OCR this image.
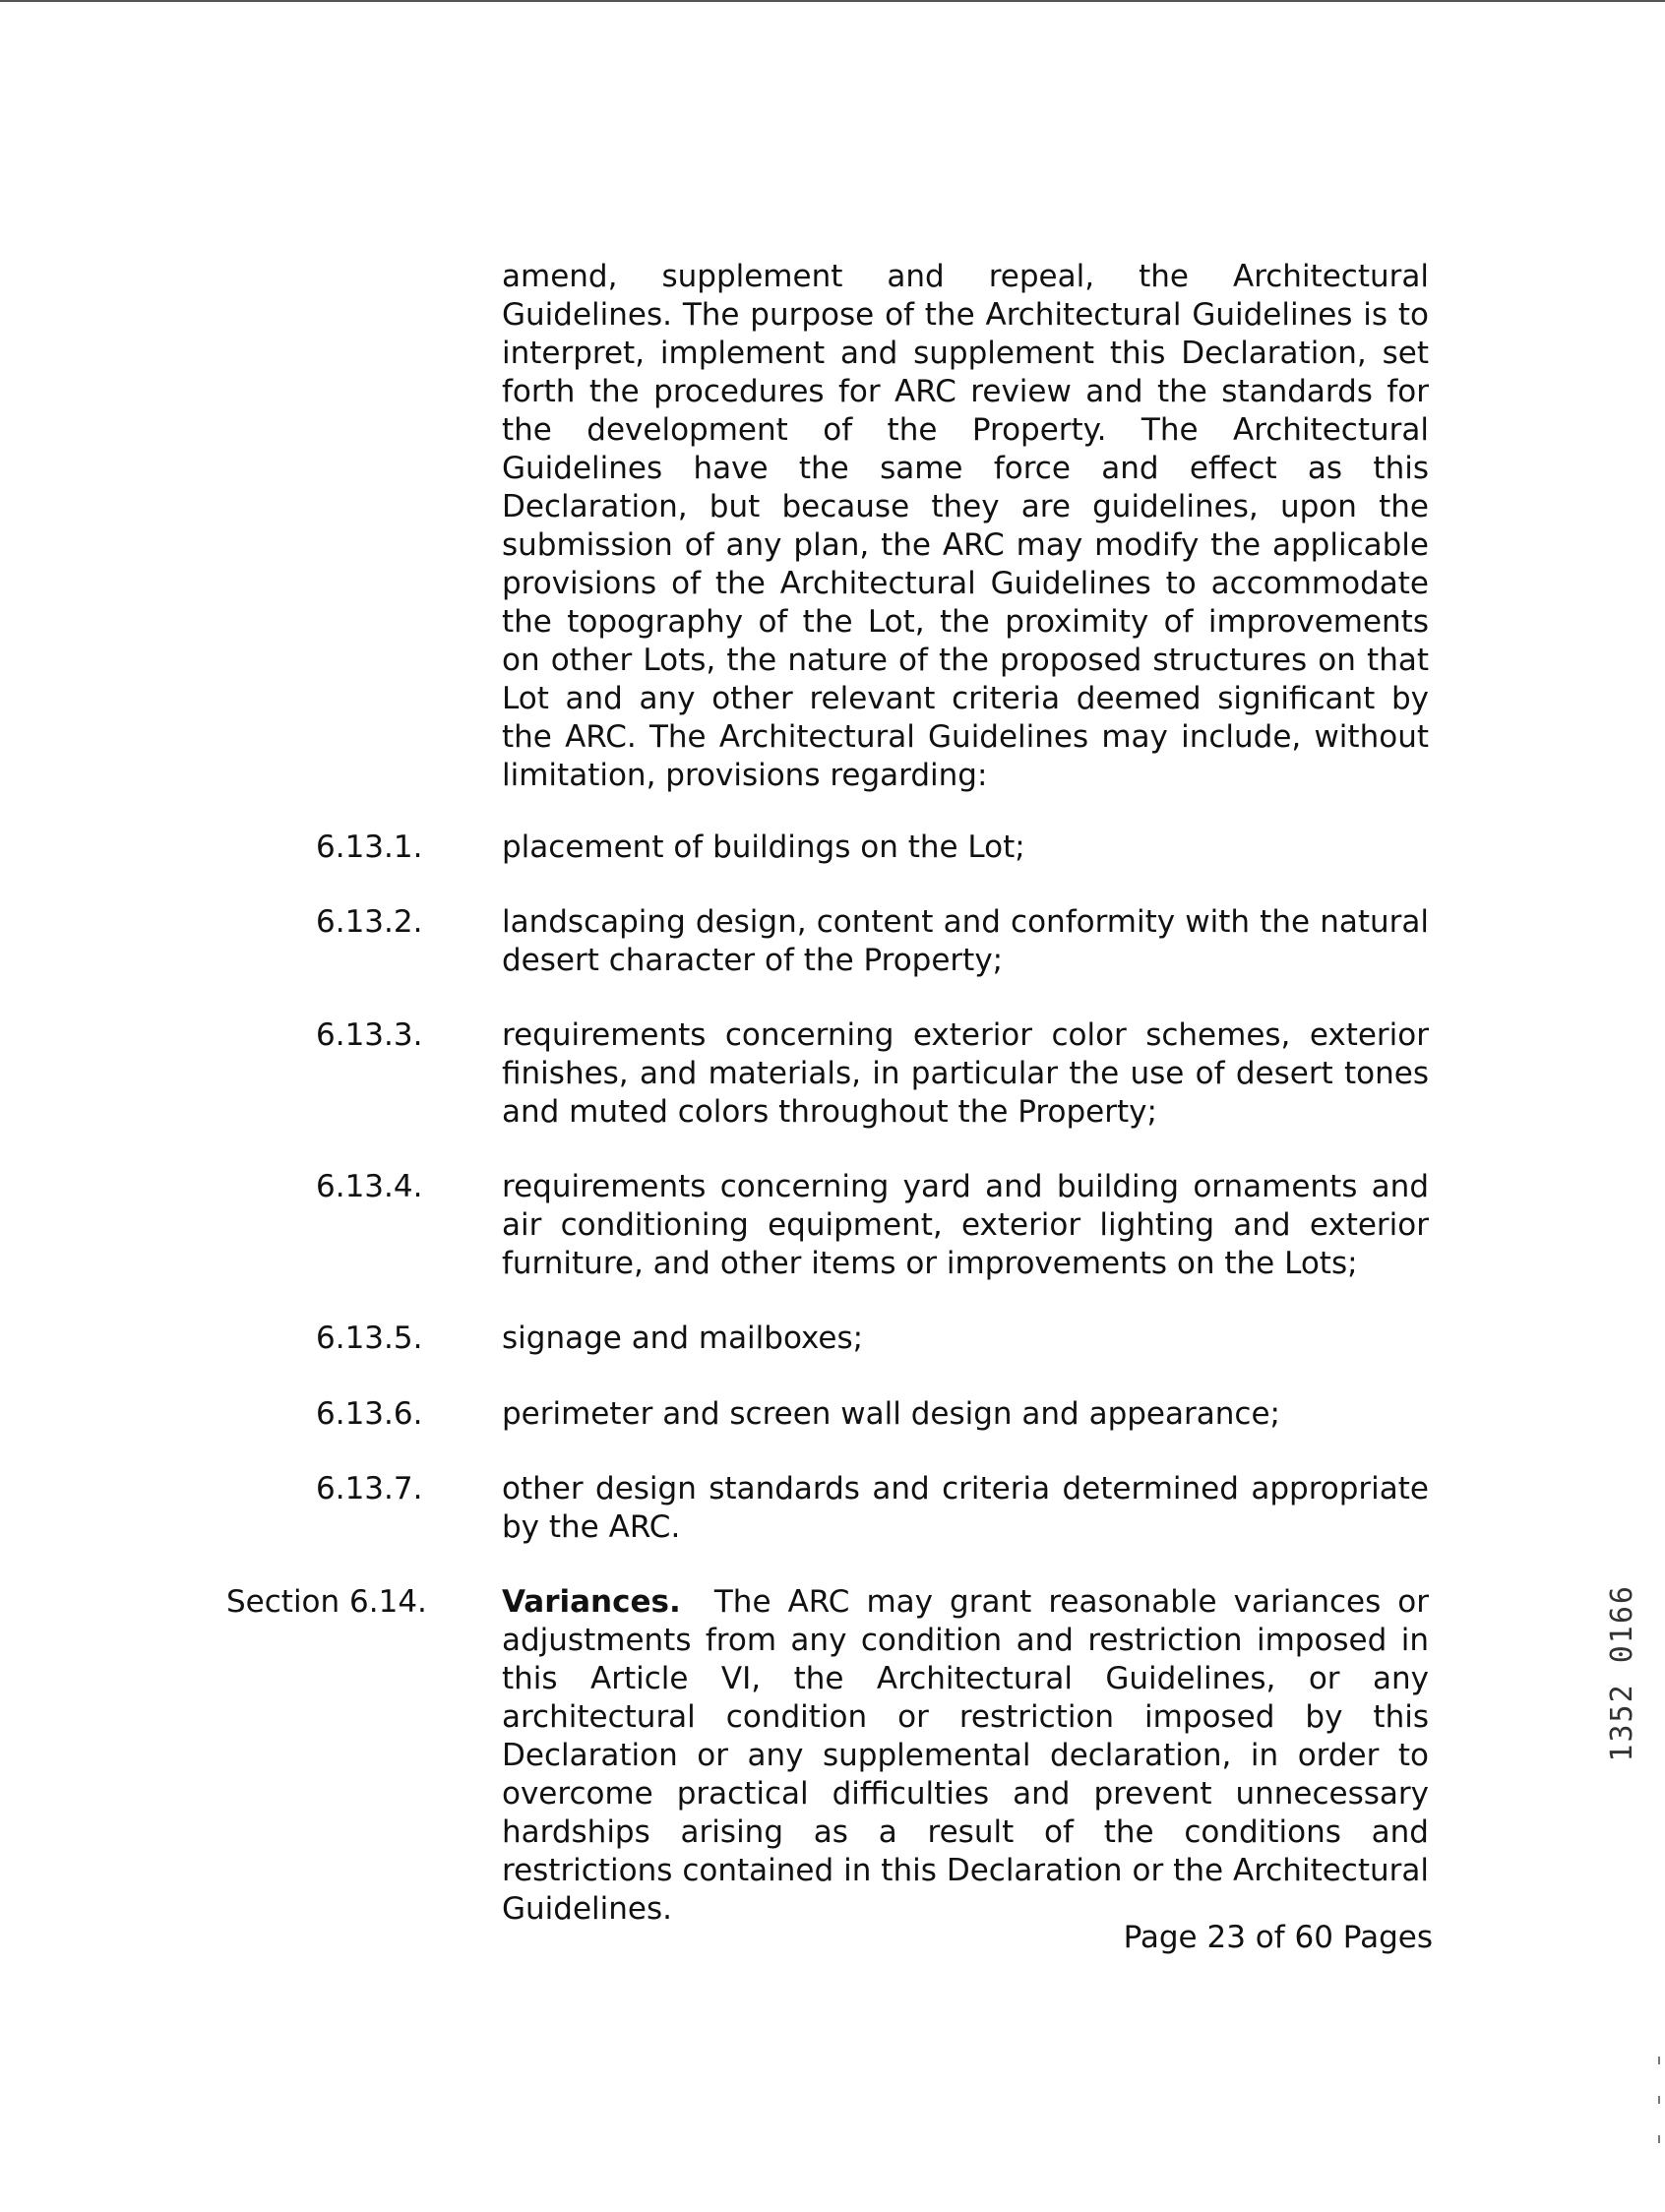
amend, supplement and repeal, the Architectural Guidelines. The purpose of the Architectural Guidelines is to interpret, implement and supplement this Declaration, set forth the procedures for ARC review and the standards for the development of the Property. The Architectural Guidelines have the same force and effect as this Declaration, but because they are guidelines, upon the submission of any plan, the ARC may modify the applicable provisions of the Architectural Guidelines to accommodate the topography of the Lot, the proximity of improvements on other Lots, the nature of the proposed structures on that Lot and any other relevant criteria deemed significant by the ARC. The Architectural Guidelines may include, without limitation, provisions regarding:

6.13.1.	placement of buildings on the Lot;

6.13.2.	landscaping design, content and conformity with the natural desert character of the Property;

6.13.3.	requirements concerning exterior color schemes, exterior finishes, and materials, in particular the use of desert tones and muted colors throughout the Property;

6.13.4.	requirements concerning yard and building ornaments and air conditioning equipment, exterior lighting and exterior furniture, and other items or improvements on the Lots;

6.13.5.	signage and mailboxes;

6.13.6.	perimeter and screen wall design and appearance;

6.13.7.	other design standards and criteria determined appropriate by the ARC.

Section 6.14. Variances. The ARC may grant reasonable variances or adjustments from any condition and restriction imposed in this Article VI, the Architectural Guidelines, or any architectural condition or restriction imposed by this Declaration or any supplemental declaration, in order to overcome practical difficulties and prevent unnecessary hardships arising as a result of the conditions and restrictions contained in this Declaration or the Architectural Guidelines.

Page 23 of 60 Pages
1352 0166
